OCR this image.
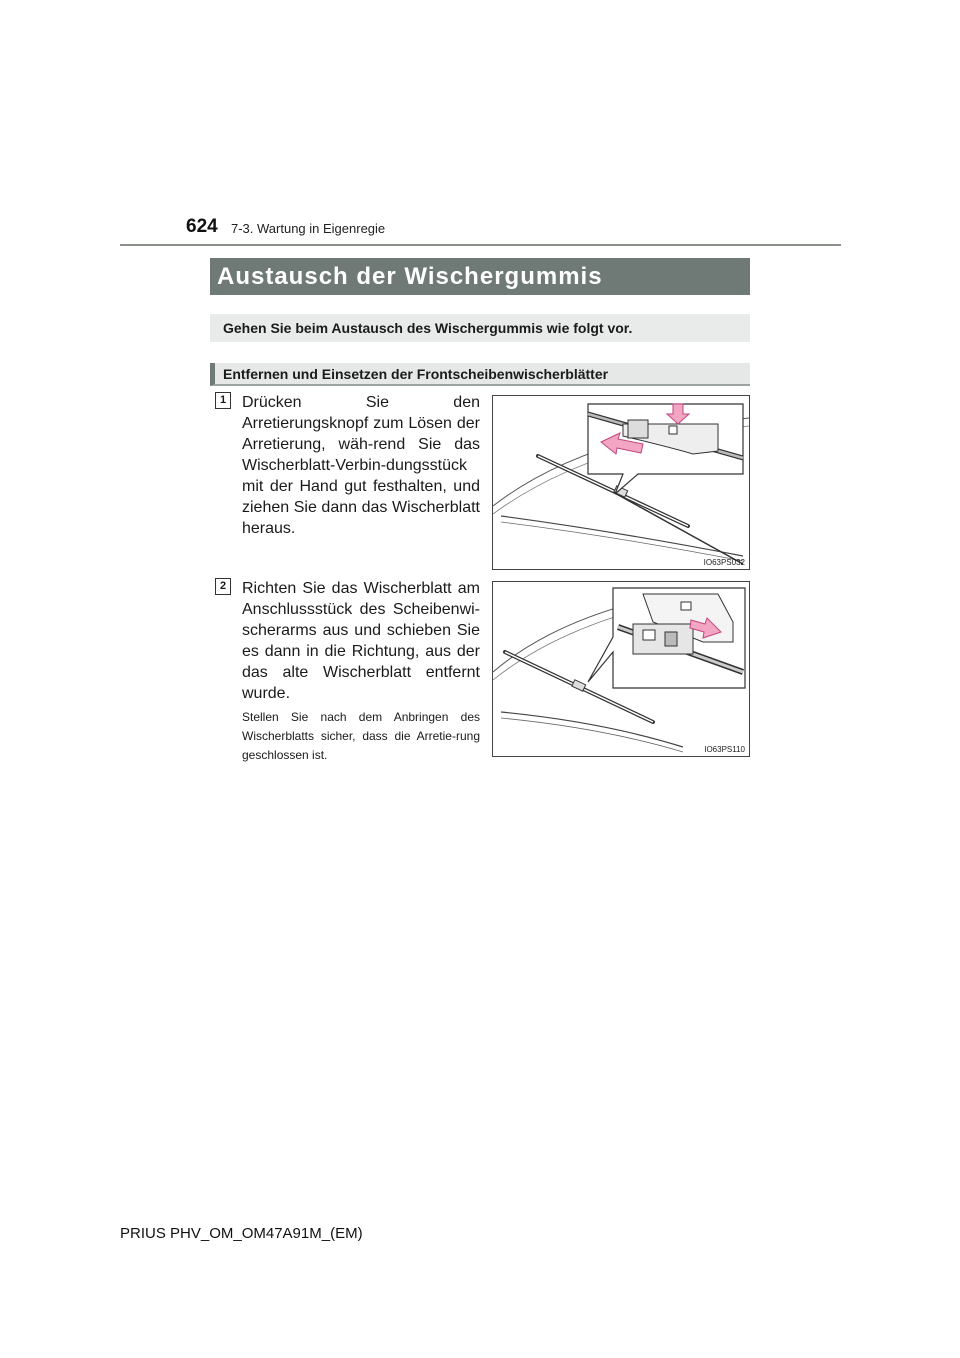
624 7-3. Wartung in Eigenregie
Austausch der Wischergummis
Gehen Sie beim Austausch des Wischergummis wie folgt vor.
Entfernen und Einsetzen der Frontscheibenwischerblätter
1 Drücken Sie den Arretierungsknopf zum Lösen der Arretierung, wäh-rend Sie das Wischerblatt-Verbin-dungsstück mit der Hand gut festhalten, und ziehen Sie dann das Wischerblatt heraus.
IO63PS032
2 Richten Sie das Wischerblatt am Anschlussstück des Scheibenwi-scherarms aus und schieben Sie es dann in die Richtung, aus der das alte Wischerblatt entfernt wurde.
Stellen Sie nach dem Anbringen des Wischerblatts sicher, dass die Arretie-rung geschlossen ist.	IO63PS110
PRIUS PHV_OM_OM47A91M_(EM)
